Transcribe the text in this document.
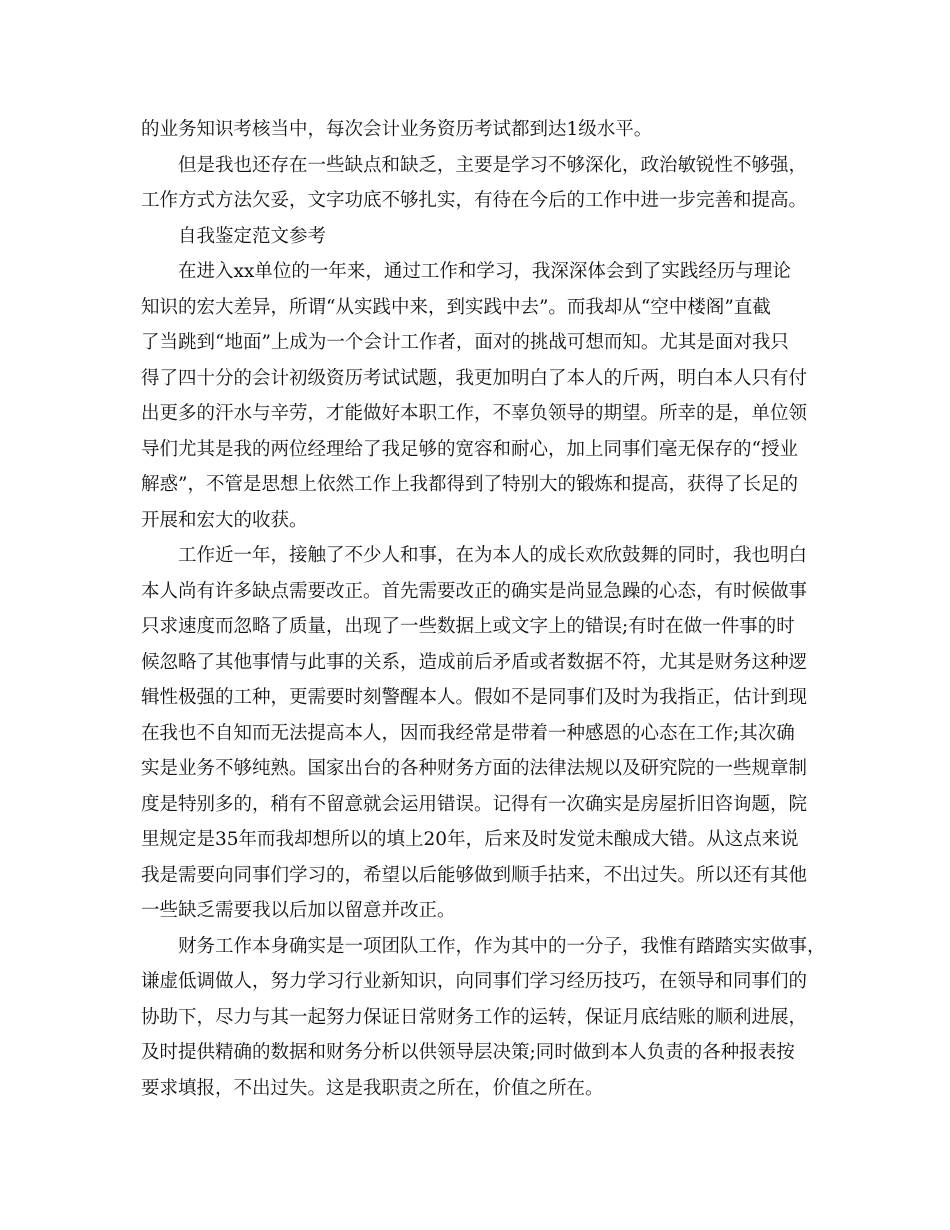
的业务知识考核当中，每次会计业务资历考试都到达1级水平。
但是我也还存在一些缺点和缺乏，主要是学习不够深化，政治敏锐性不够强，
工作方式方法欠妥，文字功底不够扎实，有待在今后的工作中进一步完善和提高。
自我鉴定范文参考
在进入xx单位的一年来，通过工作和学习，我深深体会到了实践经历与理论
知识的宏大差异，所谓“从实践中来，到实践中去”。而我却从“空中楼阁”直截
了当跳到“地面”上成为一个会计工作者，面对的挑战可想而知。尤其是面对我只
得了四十分的会计初级资历考试试题，我更加明白了本人的斤两，明白本人只有付
出更多的汗水与辛劳，才能做好本职工作，不辜负领导的期望。所幸的是，单位领
导们尤其是我的两位经理给了我足够的宽容和耐心，加上同事们毫无保存的“授业
解惑”，不管是思想上依然工作上我都得到了特别大的锻炼和提高，获得了长足的
开展和宏大的收获。
工作近一年，接触了不少人和事，在为本人的成长欢欣鼓舞的同时，我也明白
本人尚有许多缺点需要改正。首先需要改正的确实是尚显急躁的心态，有时候做事
只求速度而忽略了质量，出现了一些数据上或文字上的错误;有时在做一件事的时
候忽略了其他事情与此事的关系，造成前后矛盾或者数据不符，尤其是财务这种逻
辑性极强的工种，更需要时刻警醒本人。假如不是同事们及时为我指正，估计到现
在我也不自知而无法提高本人，因而我经常是带着一种感恩的心态在工作;其次确
实是业务不够纯熟。国家出台的各种财务方面的法律法规以及研究院的一些规章制
度是特别多的，稍有不留意就会运用错误。记得有一次确实是房屋折旧咨询题，院
里规定是35年而我却想所以的填上20年，后来及时发觉未酿成大错。从这点来说
我是需要向同事们学习的，希望以后能够做到顺手拈来，不出过失。所以还有其他
一些缺乏需要我以后加以留意并改正。
财务工作本身确实是一项团队工作，作为其中的一分子，我惟有踏踏实实做事，
谦虚低调做人，努力学习行业新知识，向同事们学习经历技巧，在领导和同事们的
协助下，尽力与其一起努力保证日常财务工作的运转，保证月底结账的顺利进展，
及时提供精确的数据和财务分析以供领导层决策;同时做到本人负责的各种报表按
要求填报，不出过失。这是我职责之所在，价值之所在。
